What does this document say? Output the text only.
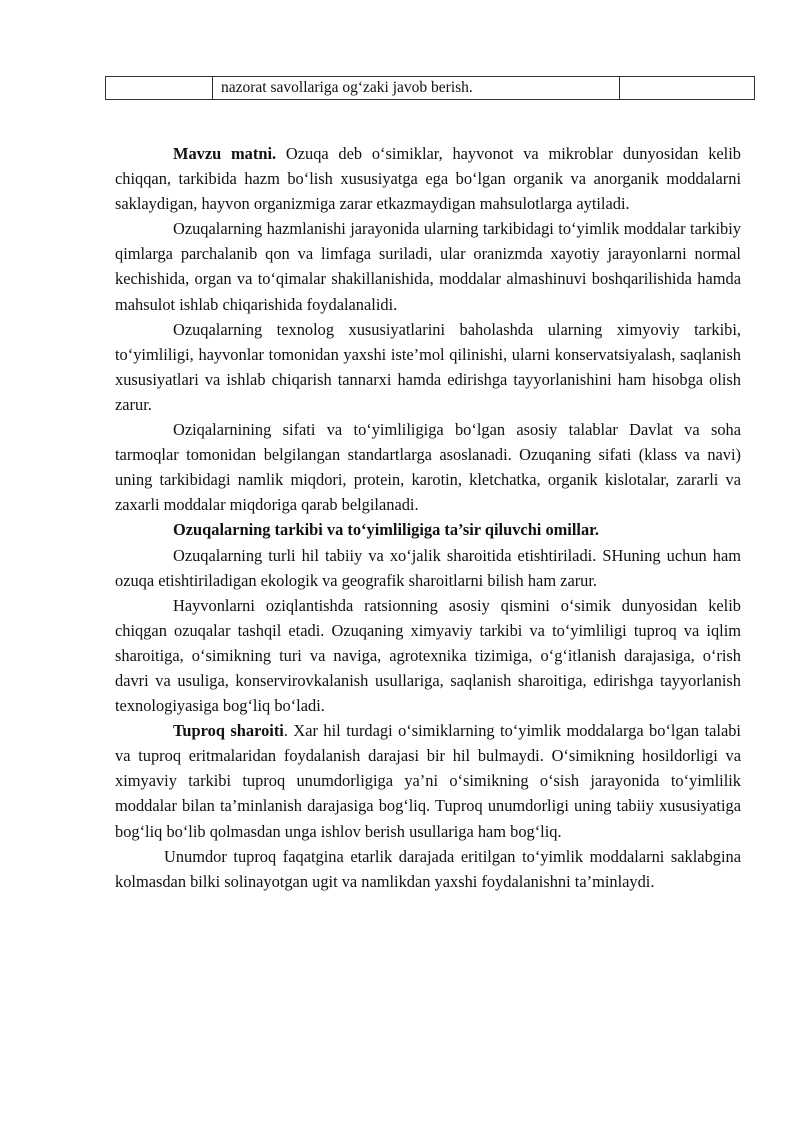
	nazorat savollariga og‘zaki javob berish.	

Mavzu matni. Ozuqa deb o‘simiklar, hayvonot va mikroblar dunyosidan kelib chiqqan, tarkibida hazm bo‘lish xususiyatga ega bo‘lgan organik va anorganik moddalarni saklaydigan, hayvon organizmiga zarar etkazmaydigan mahsulotlarga aytiladi.

Ozuqalarning hazmlanishi jarayonida ularning tarkibidagi to‘yimlik moddalar tarkibiy qimlarga parchalanib qon va limfaga suriladi, ular oranizmda xayotiy jarayonlarni normal kechishida, organ va to‘qimalar shakillanishida, moddalar almashinuvi boshqarilishida hamda mahsulot ishlab chiqarishida foydalanalidi.

Ozuqalarning texnolog xususiyatlarini baholashda ularning ximyoviy tarkibi, to‘yimliligi, hayvonlar tomonidan yaxshi iste’mol qilinishi, ularni konservatsiyalash, saqlanish xususiyatlari va ishlab chiqarish tannarxi hamda edirishga tayyorlanishini ham hisobga olish zarur.

Oziqalarnining sifati va to‘yimliligiga bo‘lgan asosiy talablar Davlat va soha tarmoqlar tomonidan belgilangan standartlarga asoslanadi. Ozuqaning sifati (klass va navi) uning tarkibidagi namlik miqdori, protein, karotin, kletchatka, organik kislotalar, zararli va zaxarli moddalar miqdoriga qarab belgilanadi.

Ozuqalarning tarkibi va to‘yimliligiga ta’sir qiluvchi omillar.

Ozuqalarning turli hil tabiiy va xo‘jalik sharoitida etishtiriladi. SHuning uchun ham ozuqa etishtiriladigan ekologik va geografik sharoitlarni bilish ham zarur.

Hayvonlarni oziqlantishda ratsionning asosiy qismini o‘simik dunyosidan kelib chiqgan ozuqalar tashqil etadi. Ozuqaning ximyaviy tarkibi va to‘yimliligi tuproq va iqlim sharoitiga, o‘simikning turi va naviga, agrotexnika tizimiga, o‘g‘itlanish darajasiga, o‘rish davri va usuliga, konservirovkalanish usullariga, saqlanish sharoitiga, edirishga tayyorlanish texnologiyasiga bog‘liq bo‘ladi.

Tuproq sharoiti. Xar hil turdagi o‘simiklarning to‘yimlik moddalarga bo‘lgan talabi va tuproq eritmalaridan foydalanish darajasi bir hil bulmaydi. O‘simikning hosildorligi va ximyaviy tarkibi tuproq unumdorligiga ya’ni o‘simikning o‘sish jarayonida to‘yimlilik moddalar bilan ta’minlanish darajasiga bog‘liq. Tuproq unumdorligi uning tabiiy xususiyatiga bog‘liq bo‘lib qolmasdan unga ishlov berish usullariga ham bog‘liq.

Unumdor tuproq faqatgina etarlik darajada eritilgan to‘yimlik moddalarni saklabgina kolmasdan bilki solinayotgan ugit va namlikdan yaxshi foydalanishni ta’minlaydi.
